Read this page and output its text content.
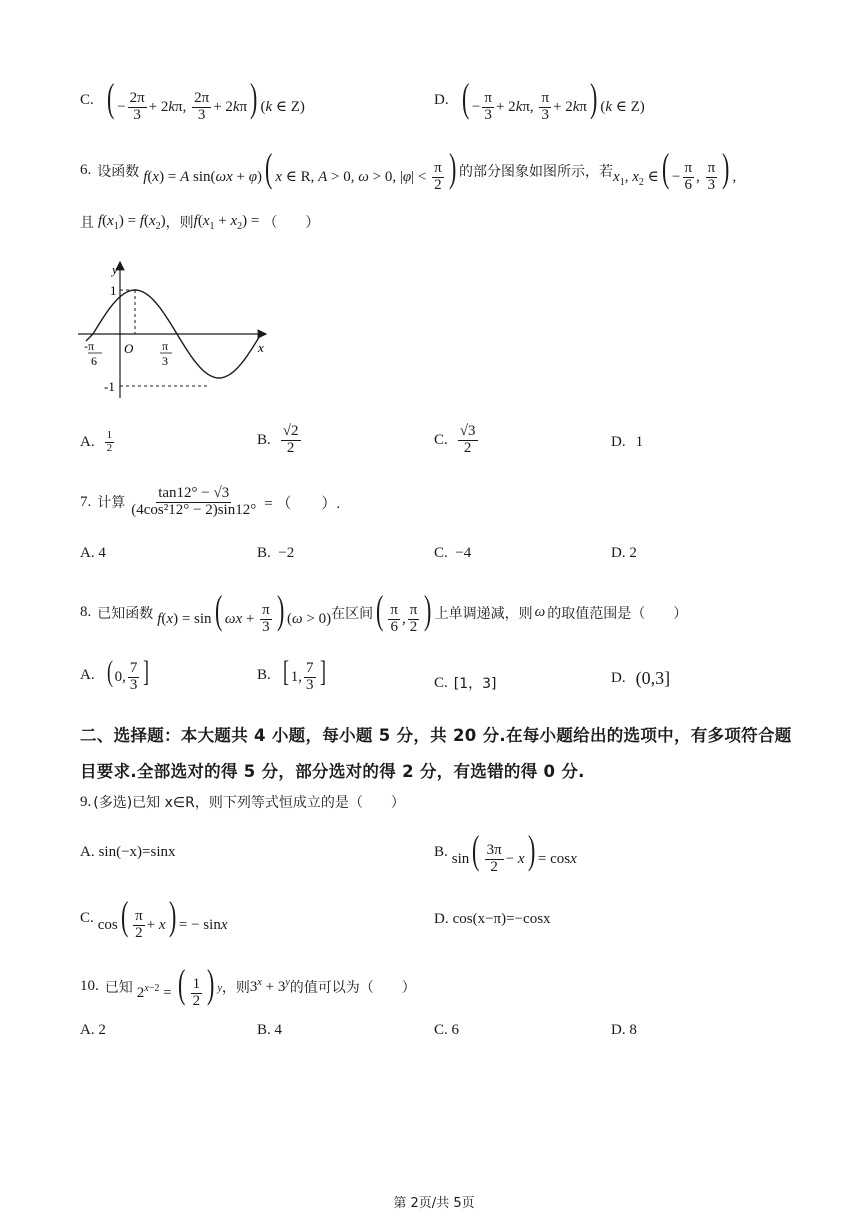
C. ( − $\frac{2\pi}{3} + 2k\pi$, $\frac{2\pi}{3} + 2k\pi$) (k ∈ Z)	D. ( − $\frac{\pi}{3} + 2k\pi$, $\frac{\pi}{3} + 2k\pi$) (k ∈ Z)
6. 设函数 f(x) = A sin(ωx + φ)( x ∈ R, A > 0, ω > 0, $|\varphi| < \frac{\pi}{2}$ ) 的部分图象如图所示，若 $x_1$, $x_2$ ∈( − $\frac{\pi}{6}$ , $\frac{\pi}{3}$ ) ,
且 $f(x_1) = f(x_2)$ ，则 $f(x_1 + x_2)$ = （　　）
y
x
O
1
-1
-π
6
π
3
A. $\frac{1}{2}$	B. $\frac{√2}{2}$	C. $\frac{√3}{2}$	D. 1
7. 计算 $\frac{\tan 12^\circ - √3}{\text{(4cos²12° − 2)sin12°}}$ = （　　）.
A. 4	B. −2	C. −4	D. 2
8. 已知函数 f(x) = sin( $\omega x + \frac{\pi}{3}$ ) (ω > 0) 在区间 ( $\frac{\pi}{6}$ , $\frac{\pi}{2}$ ) 上单调递减，则 ω 的取值范围是（　　）
A. ( 0, $\frac{7}{3}$ ]	B. [ 1, $\frac{7}{3}$ ]	C. [1，3]	D. (0,3]
二、选择题：本大题共 4 小题，每小题 5 分，共 20 分.在每小题给出的选项中，有多项符合题
目要求.全部选对的得 5 分，部分选对的得 2 分，有选错的得 0 分.
9. (多选)已知 x∈R，则下列等式恒成立的是（　　）
A. sin(−x)=sinx	B. $\sin( \frac{3\pi}{2} - x) = \cos x$
C. $\cos( \frac{\pi}{2} + x)$ = − sinx	D. cos(x−π)=−cosx
10. 已知 $2^{x-2}$ = ( $\frac{1}{2}$ ) $^y$ ，则 $3^x + 3^y$ 的值可以为（　　）
A. 2	B. 4	C. 6	D. 8
第 2页/共 5页
